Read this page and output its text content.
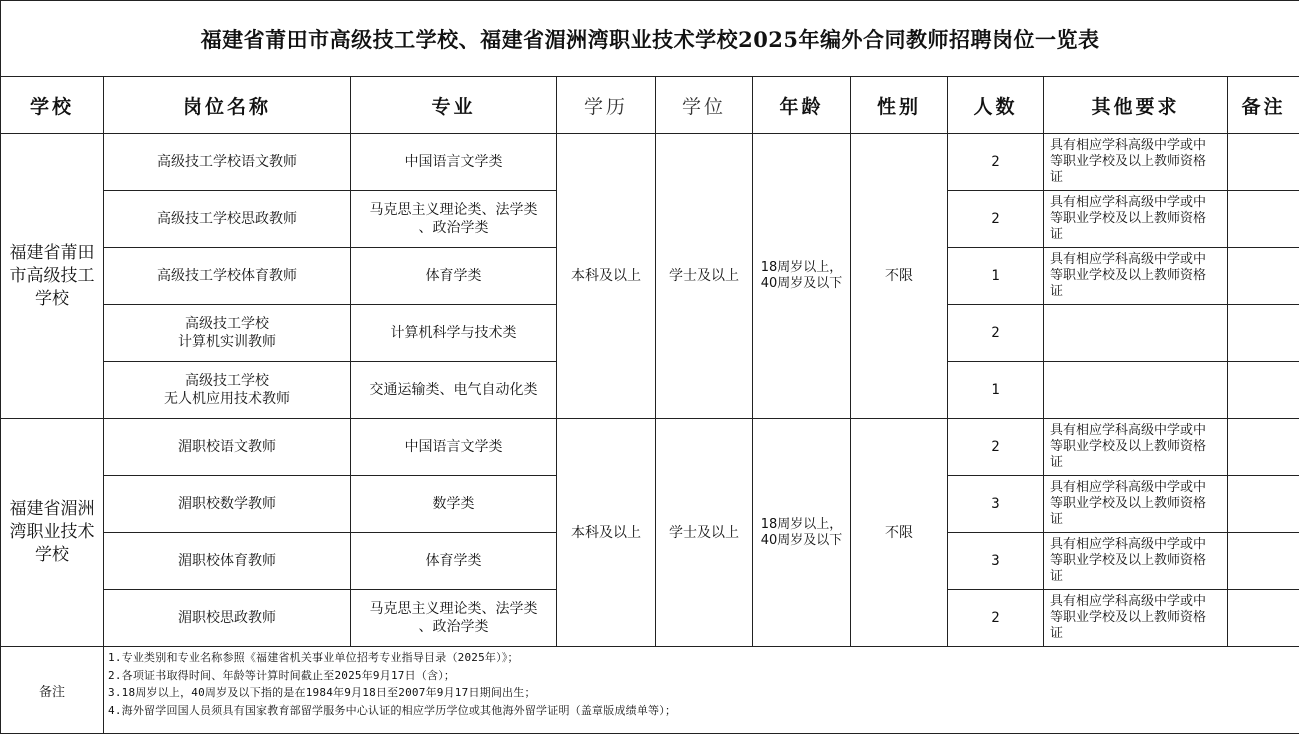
福建省莆田市高级技工学校、福建省湄洲湾职业技术学校2025年编外合同教师招聘岗位一览表									
学校	岗位名称	专业	学历	学位	年龄	性别	人数	其他要求	备注

福建省莆田
市高级技工
学校	高级技工学校语文教师	中国语言文学类	本科及以上	学士及以上	18周岁以上，
40周岁及以下	不限	2	具有相应学科高级中学或中
等职业学校及以上教师资格
证	

	高级技工学校思政教师	马克思主义理论类、法学类
、政治学类					2	具有相应学科高级中学或中
等职业学校及以上教师资格
证	

	高级技工学校体育教师	体育学类					1	具有相应学科高级中学或中
等职业学校及以上教师资格
证	

	高级技工学校
计算机实训教师	计算机科学与技术类					2		

	高级技工学校
无人机应用技术教师	交通运输类、电气自动化类					1		

福建省湄洲
湾职业技术
学校	湄职校语文教师	中国语言文学类	本科及以上	学士及以上	18周岁以上，
40周岁及以下	不限	2	具有相应学科高级中学或中
等职业学校及以上教师资格
证	

	湄职校数学教师	数学类					3	具有相应学科高级中学或中
等职业学校及以上教师资格
证	

	湄职校体育教师	体育学类					3	具有相应学科高级中学或中
等职业学校及以上教师资格
证	

	湄职校思政教师	马克思主义理论类、法学类
、政治学类					2	具有相应学科高级中学或中
等职业学校及以上教师资格
证	

备注	1.专业类别和专业名称参照《福建省机关事业单位招考专业指导目录（2025年）》；
2.各项证书取得时间、年龄等计算时间截止至2025年9月17日（含）；
3.18周岁以上，40周岁及以下指的是在1984年9月18日至2007年9月17日期间出生；
4.海外留学回国人员须具有国家教育部留学服务中心认证的相应学历学位或其他海外留学证明（盖章版成绩单等）；								
